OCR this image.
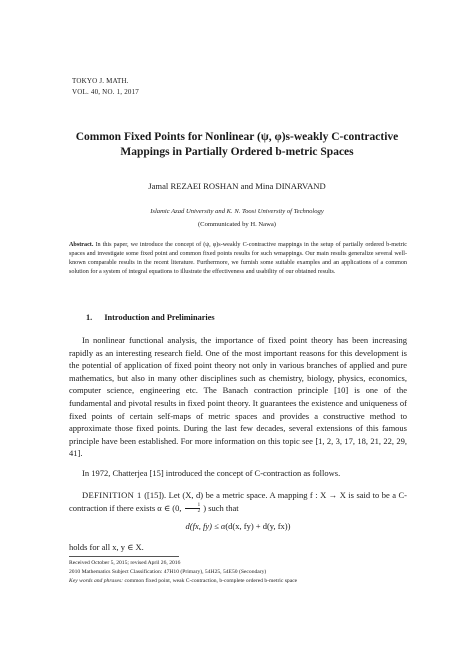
TOKYO J. MATH.
VOL. 40, NO. 1, 2017
Common Fixed Points for Nonlinear (ψ, φ)s-weakly C-contractive
Mappings in Partially Ordered b-metric Spaces
Jamal REZAEI ROSHAN and Mina DINARVAND
Islamic Azad University and K. N. Toosi University of Technology
(Communicated by H. Nawa)
Abstract. In this paper, we introduce the concept of (ψ, φ)s-weakly C-contractive mappings in the setup of partially ordered b-metric spaces and investigate some fixed point and common fixed points results for such wmappings. Our main results generalize several well-known comparable results in the recent literature. Furthermore, we furnish some suitable examples and an applications of a common solution for a system of integral equations to illustrate the effectiveness and usability of our obtained results.
1. Introduction and Preliminaries
In nonlinear functional analysis, the importance of fixed point theory has been increasing rapidly as an interesting research field. One of the most important reasons for this development is the potential of application of fixed point theory not only in various branches of applied and pure mathematics, but also in many other disciplines such as chemistry, biology, physics, economics, computer science, engineering etc. The Banach contraction principle [10] is one of the fundamental and pivotal results in fixed point theory. It guarantees the existence and uniqueness of fixed points of certain self-maps of metric spaces and provides a constructive method to approximate those fixed points. During the last few decades, several extensions of this famous principle have been established. For more information on this topic see [1, 2, 3, 17, 18, 21, 22, 29, 41].
In 1972, Chatterjea [15] introduced the concept of C-contraction as follows.
DEFINITION 1 ([15]). Let (X, d) be a metric space. A mapping f : X → X is said to be a C-contraction if there exists α ∈ (0, $\frac{1}{2}$ ) such that
d(fx, fy) ≤ α(d(x, fy) + d(y, fx))
holds for all x, y ∈ X.
Received October 5, 2015; revised April 26, 2016
2010 Mathematics Subject Classification: 47H10 (Primary), 54H25, 54E50 (Secondary)
Key words and phrases: common fixed point, weak C-contraction, b-complete ordered b-metric space
